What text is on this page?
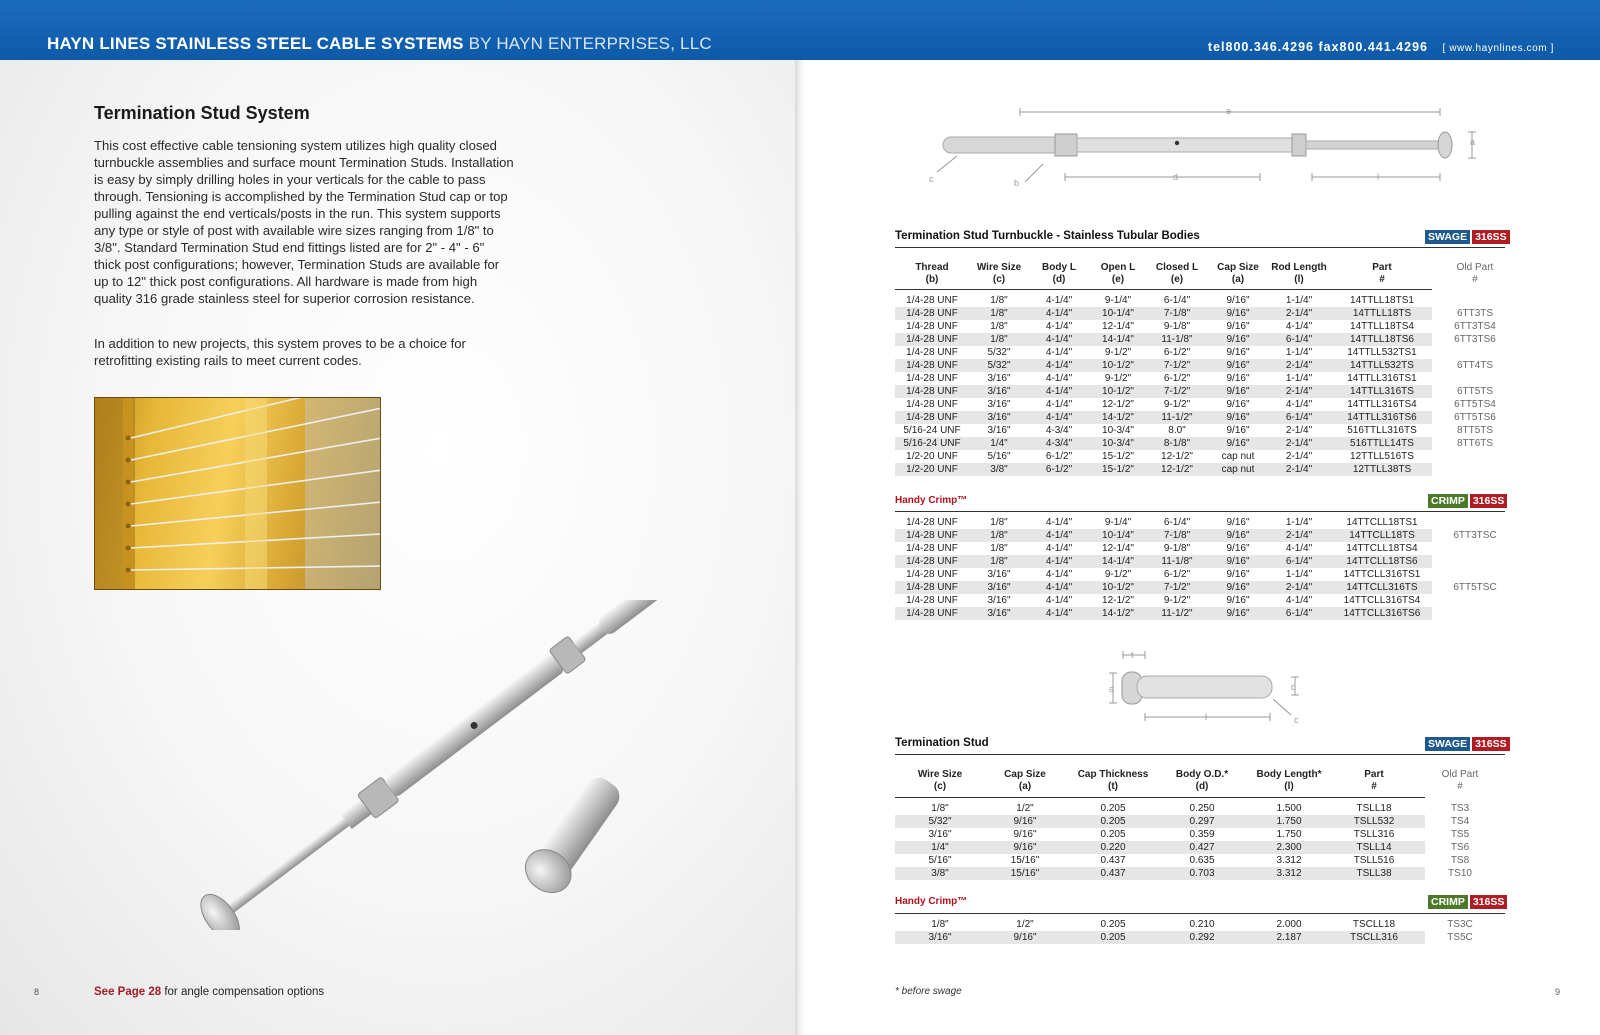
HAYN LINES STAINLESS STEEL CABLE SYSTEMS BY HAYN ENTERPRISES, LLC	tel800.346.4296 fax800.441.4296 [ www.haynlines.com ]
Termination Stud System
This cost effective cable tensioning system utilizes high quality closed turnbuckle assemblies and surface mount Termination Studs. Installation is easy by simply drilling holes in your verticals for the cable to pass through. Tensioning is accomplished by the Termination Stud cap or top pulling against the end verticals/posts in the run. This system supports any type or style of post with available wire sizes ranging from 1/8" to 3/8". Standard Termination Stud end fittings listed are for 2" - 4" - 6" thick post configurations; however, Termination Studs are available for up to 12" thick post configurations. All hardware is made from high quality 316 grade stainless steel for superior corrosion resistance.
In addition to new projects, this system proves to be a choice for retrofitting existing rails to meet current codes.
See Page 28 for angle compensation options
8	9
* before swage
e
a
c	b
d	l
Termination Stud Turnbuckle - Stainless Tubular Bodies	SWAGE 316SS
Thread
(b)
Wire Size
(c)
Body L
(d)
Open L
(e)
Closed L
(e)
Cap Size
(a)
Rod Length
(l)
Part
#
Old Part
#
1/4-28 UNF	1/8"	4-1/4"	9-1/4"	6-1/4"	9/16"	1-1/4"	14TTLL18TS1
1/4-28 UNF	1/8"	4-1/4"	10-1/4"	7-1/8"	9/16"	2-1/4"	14TTLL18TS	6TT3TS
1/4-28 UNF	1/8"	4-1/4"	12-1/4"	9-1/8"	9/16"	4-1/4"	14TTLL18TS4	6TT3TS4
1/4-28 UNF	1/8"	4-1/4"	14-1/4"	11-1/8"	9/16"	6-1/4"	14TTLL18TS6	6TT3TS6
1/4-28 UNF	5/32"	4-1/4"	9-1/2"	6-1/2"	9/16"	1-1/4"	14TTLL532TS1
1/4-28 UNF	5/32"	4-1/4"	10-1/2"	7-1/2"	9/16"	2-1/4"	14TTLL532TS	6TT4TS
1/4-28 UNF	3/16"	4-1/4"	9-1/2"	6-1/2"	9/16"	1-1/4"	14TTLL316TS1
1/4-28 UNF	3/16"	4-1/4"	10-1/2"	7-1/2"	9/16"	2-1/4"	14TTLL316TS	6TT5TS
1/4-28 UNF	3/16"	4-1/4"	12-1/2"	9-1/2"	9/16"	4-1/4"	14TTLL316TS4	6TT5TS4
1/4-28 UNF	3/16"	4-1/4"	14-1/2"	11-1/2"	9/16"	6-1/4"	14TTLL316TS6	6TT5TS6
5/16-24 UNF	3/16"	4-3/4"	10-3/4"	8.0"	9/16"	2-1/4"	516TTLL316TS	8TT5TS
5/16-24 UNF	1/4"	4-3/4"	10-3/4"	8-1/8"	9/16"	2-1/4"	516TTLL14TS	8TT6TS
1/2-20 UNF	5/16"	6-1/2"	15-1/2"	12-1/2"	cap nut	2-1/4"	12TTLL516TS
1/2-20 UNF	3/8"	6-1/2"	15-1/2"	12-1/2"	cap nut	2-1/4"	12TTLL38TS
Handy Crimp™	CRIMP 316SS
1/4-28 UNF	1/8"	4-1/4"	9-1/4"	6-1/4"	9/16"	1-1/4"	14TTCLL18TS1
1/4-28 UNF	1/8"	4-1/4"	10-1/4"	7-1/8"	9/16"	2-1/4"	14TTCLL18TS	6TT3TSC
1/4-28 UNF	1/8"	4-1/4"	12-1/4"	9-1/8"	9/16"	4-1/4"	14TTCLL18TS4
1/4-28 UNF	1/8"	4-1/4"	14-1/4"	11-1/8"	9/16"	6-1/4"	14TTCLL18TS6
1/4-28 UNF	3/16"	4-1/4"	9-1/2"	6-1/2"	9/16"	1-1/4"	14TTCLL316TS1
1/4-28 UNF	3/16"	4-1/4"	10-1/2"	7-1/2"	9/16"	2-1/4"	14TTCLL316TS	6TT5TSC
1/4-28 UNF	3/16"	4-1/4"	12-1/2"	9-1/2"	9/16"	4-1/4"	14TTCLL316TS4
1/4-28 UNF	3/16"	4-1/4"	14-1/2"	11-1/2"	9/16"	6-1/4"	14TTCLL316TS6
t
a	d
l	c
Termination Stud	SWAGE 316SS
Wire Size
(c)
Cap Size
(a)
Cap Thickness
(t)
Body O.D.*
(d)
Body Length*
(l)
Part
#
Old Part
#
1/8"	1/2"	0.205	0.250	1.500	TSLL18	TS3
5/32"	9/16"	0.205	0.297	1.750	TSLL532	TS4
3/16"	9/16"	0.205	0.359	1.750	TSLL316	TS5
1/4"	9/16"	0.220	0.427	2.300	TSLL14	TS6
5/16"	15/16"	0.437	0.635	3.312	TSLL516	TS8
3/8"	15/16"	0.437	0.703	3.312	TSLL38	TS10
Handy Crimp™	CRIMP 316SS
1/8"	1/2"	0.205	0.210	2.000	TSCLL18	TS3C
3/16"	9/16"	0.205	0.292	2.187	TSCLL316	TS5C
